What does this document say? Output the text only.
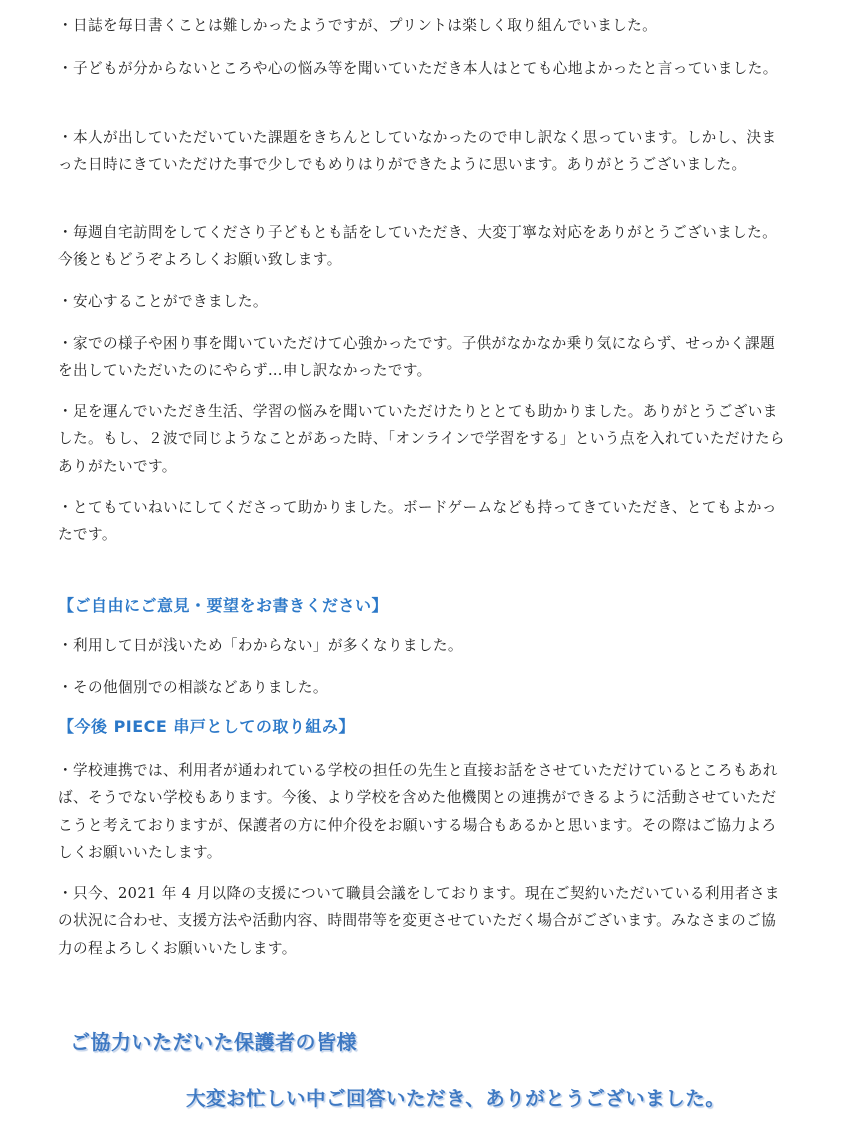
・日誌を毎日書くことは難しかったようですが、プリントは楽しく取り組んでいました。

・子どもが分からないところや心の悩み等を聞いていただき本人はとても心地よかったと言っていました。

・本人が出していただいていた課題をきちんとしていなかったので申し訳なく思っています。しかし、決まった日時にきていただけた事で少しでもめりはりができたように思います。ありがとうございました。

・毎週自宅訪問をしてくださり子どもとも話をしていただき、大変丁寧な対応をありがとうございました。今後ともどうぞよろしくお願い致します。

・安心することができました。

・家での様子や困り事を聞いていただけて心強かったです。子供がなかなか乗り気にならず、せっかく課題を出していただいたのにやらず…申し訳なかったです。

・足を運んでいただき生活、学習の悩みを聞いていただけたりととても助かりました。ありがとうございました。もし、２波で同じようなことがあった時、「オンラインで学習をする」という点を入れていただけたらありがたいです。

・とてもていねいにしてくださって助かりました。ボードゲームなども持ってきていただき、とてもよかったです。

【ご自由にご意見・要望をお書きください】

・利用して日が浅いため「わからない」が多くなりました。

・その他個別での相談などありました。

【今後 PIECE 串戸としての取り組み】

・学校連携では、利用者が通われている学校の担任の先生と直接お話をさせていただけているところもあれば、そうでない学校もあります。今後、より学校を含めた他機関との連携ができるように活動させていただこうと考えておりますが、保護者の方に仲介役をお願いする場合もあるかと思います。その際はご協力よろしくお願いいたします。

・只今、2021 年 4 月以降の支援について職員会議をしております。現在ご契約いただいている利用者さまの状況に合わせ、支援方法や活動内容、時間帯等を変更させていただく場合がございます。みなさまのご協力の程よろしくお願いいたします。

ご協力いただいた保護者の皆様

大変お忙しい中ご回答いただき、ありがとうございました。
